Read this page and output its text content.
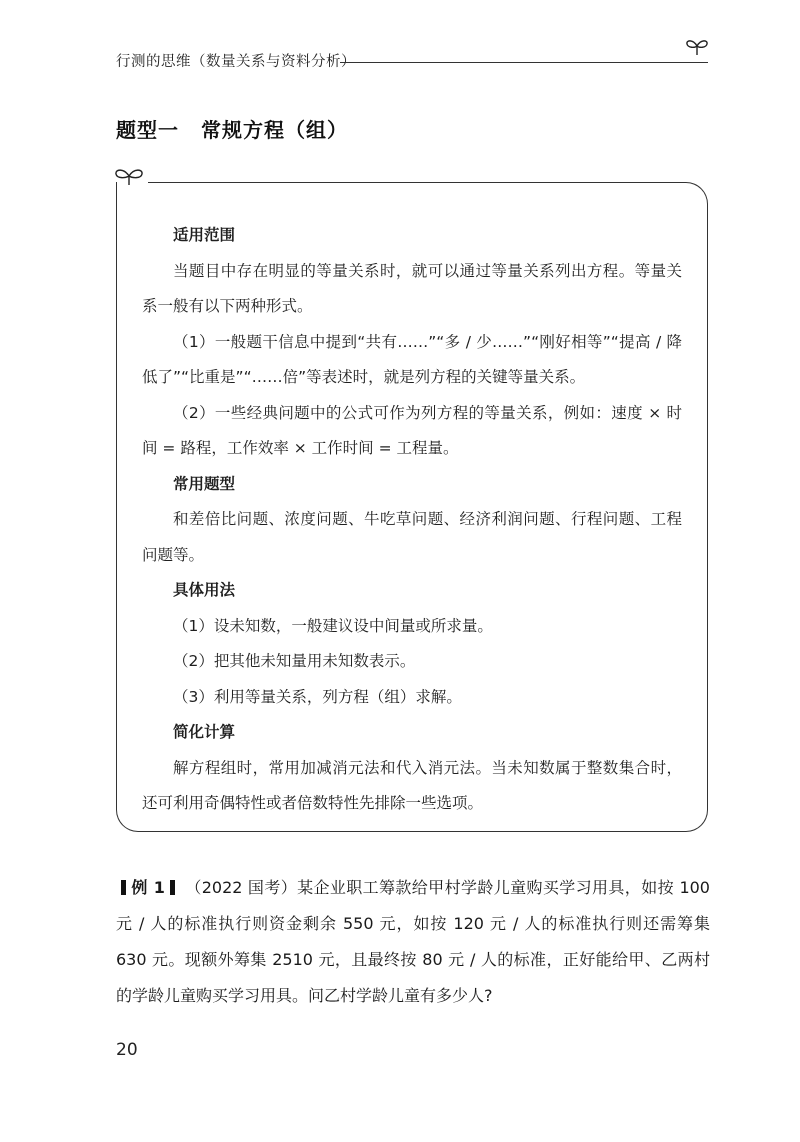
行测的思维（数量关系与资料分析）
题型一 常规方程（组）
适用范围

当题目中存在明显的等量关系时，就可以通过等量关系列出方程。等量关系一般有以下两种形式。

（1）一般题干信息中提到“共有……”“多 / 少……”“刚好相等”“提高 / 降低了”“比重是”“……倍”等表述时，就是列方程的关键等量关系。

（2）一些经典问题中的公式可作为列方程的等量关系，例如：速度 × 时间 = 路程，工作效率 × 工作时间 = 工程量。

常用题型

和差倍比问题、浓度问题、牛吃草问题、经济利润问题、行程问题、工程问题等。

具体用法

（1）设未知数，一般建议设中间量或所求量。

（2）把其他未知量用未知数表示。

（3）利用等量关系，列方程（组）求解。

简化计算

解方程组时，常用加减消元法和代入消元法。当未知数属于整数集合时，还可利用奇偶特性或者倍数特性先排除一些选项。

例 1 （2022 国考）某企业职工筹款给甲村学龄儿童购买学习用具，如按 100 元 / 人的标准执行则资金剩余 550 元，如按 120 元 / 人的标准执行则还需筹集 630 元。现额外筹集 2510 元，且最终按 80 元 / 人的标准，正好能给甲、乙两村的学龄儿童购买学习用具。问乙村学龄儿童有多少人?
20
